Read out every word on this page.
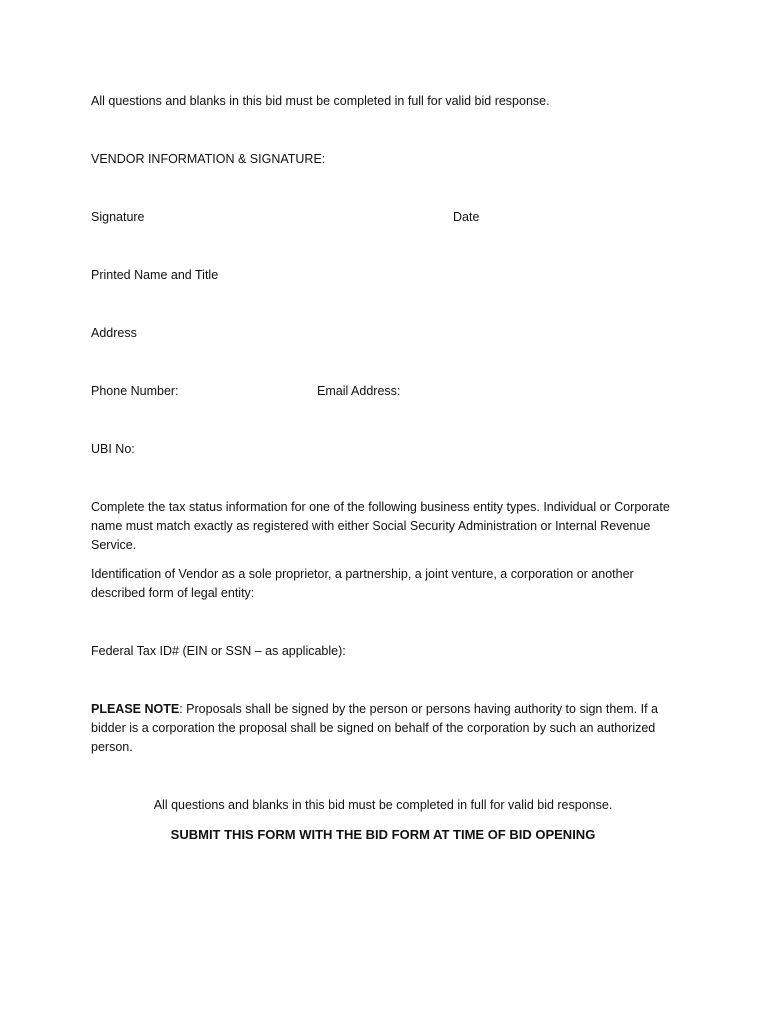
All questions and blanks in this bid must be completed in full for valid bid response.
VENDOR INFORMATION & SIGNATURE:
Signature	Date
Printed Name and Title
Address
Phone Number:	Email Address:
UBI No:
Complete the tax status information for one of the following business entity types. Individual or Corporate name must match exactly as registered with either Social Security Administration or Internal Revenue Service.
Identification of Vendor as a sole proprietor, a partnership, a joint venture, a corporation or another described form of legal entity:
Federal Tax ID# (EIN or SSN – as applicable):
PLEASE NOTE: Proposals shall be signed by the person or persons having authority to sign them. If a bidder is a corporation the proposal shall be signed on behalf of the corporation by such an authorized person.
All questions and blanks in this bid must be completed in full for valid bid response.
SUBMIT THIS FORM WITH THE BID FORM AT TIME OF BID OPENING
